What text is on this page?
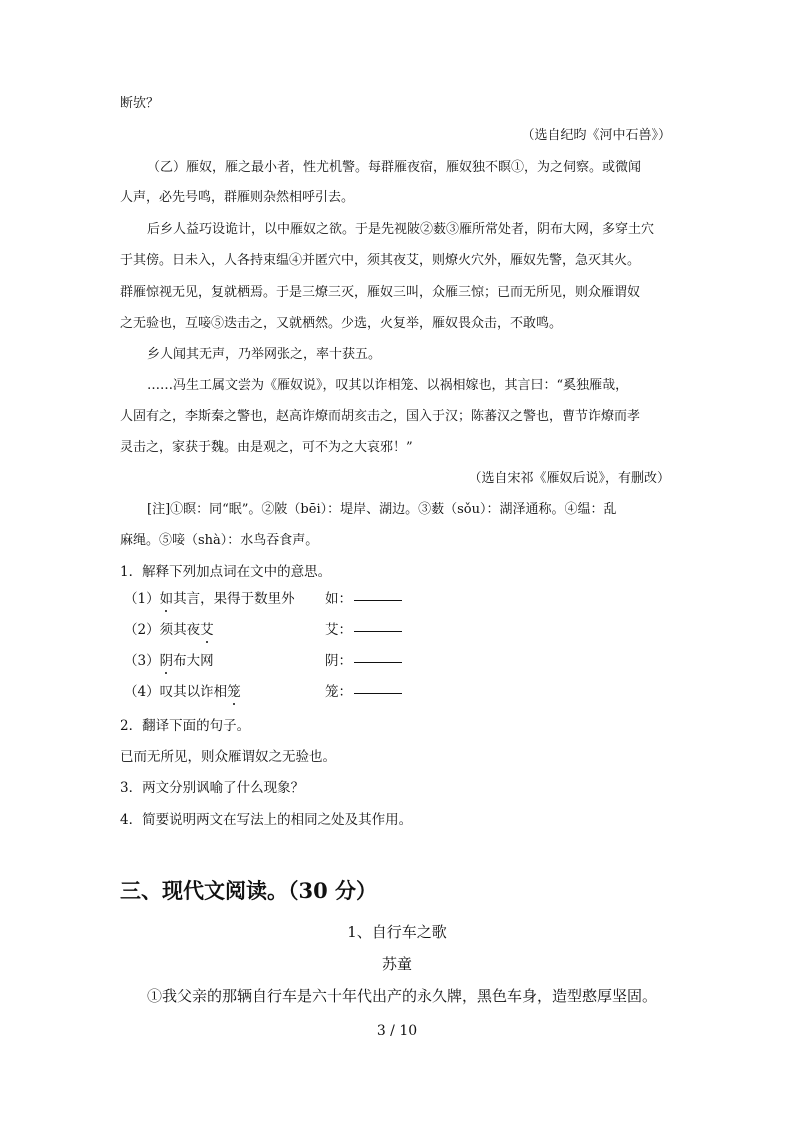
断欤？
（选自纪昀《河中石兽》）
（乙）雁奴，雁之最小者，性尤机警。每群雁夜宿，雁奴独不瞑①，为之伺察。或微闻
人声，必先号鸣，群雁则杂然相呼引去。
后乡人益巧设诡计，以中雁奴之欲。于是先视陂②薮③雁所常处者，阴布大网，多穿土穴
于其傍。日未入，人各持束缊④并匿穴中，须其夜艾，则燎火穴外，雁奴先警，急灭其火。
群雁惊视无见，复就栖焉。于是三燎三灭，雁奴三叫，众雁三惊；已而无所见，则众雁谓奴
之无验也，互唼⑤迭击之，又就栖然。少选，火复举，雁奴畏众击，不敢鸣。
乡人闻其无声，乃举网张之，率十获五。
……冯生工属文尝为《雁奴说》，叹其以诈相笼、以祸相嫁也，其言曰：“奚独雁哉，
人固有之，李斯秦之警也，赵高诈燎而胡亥击之，国入于汉；陈蕃汉之警也，曹节诈燎而孝
灵击之，家获于魏。由是观之，可不为之大哀邪！”
（选自宋祁《雁奴后说》，有删改）
[注]①瞑：同“眠”。②陂（bēi）：堤岸、湖边。③薮（sǒu）：湖泽通称。④缊：乱
麻绳。⑤唼（shà）：水鸟吞食声。
1．解释下列加点词在文中的意思。
（1）如其言，果得于数里外 如：
（2）须其夜艾	艾：
（3）阴布大网	阴：
（4）叹其以诈相笼	笼：
2．翻译下面的句子。
已而无所见，则众雁谓奴之无验也。
3．两文分别讽喻了什么现象？
4．简要说明两文在写法上的相同之处及其作用。
三、现代文阅读。（30 分）
1、自行车之歌
苏童
①我父亲的那辆自行车是六十年代出产的永久牌，黑色车身，造型憨厚坚固。
3 / 10
